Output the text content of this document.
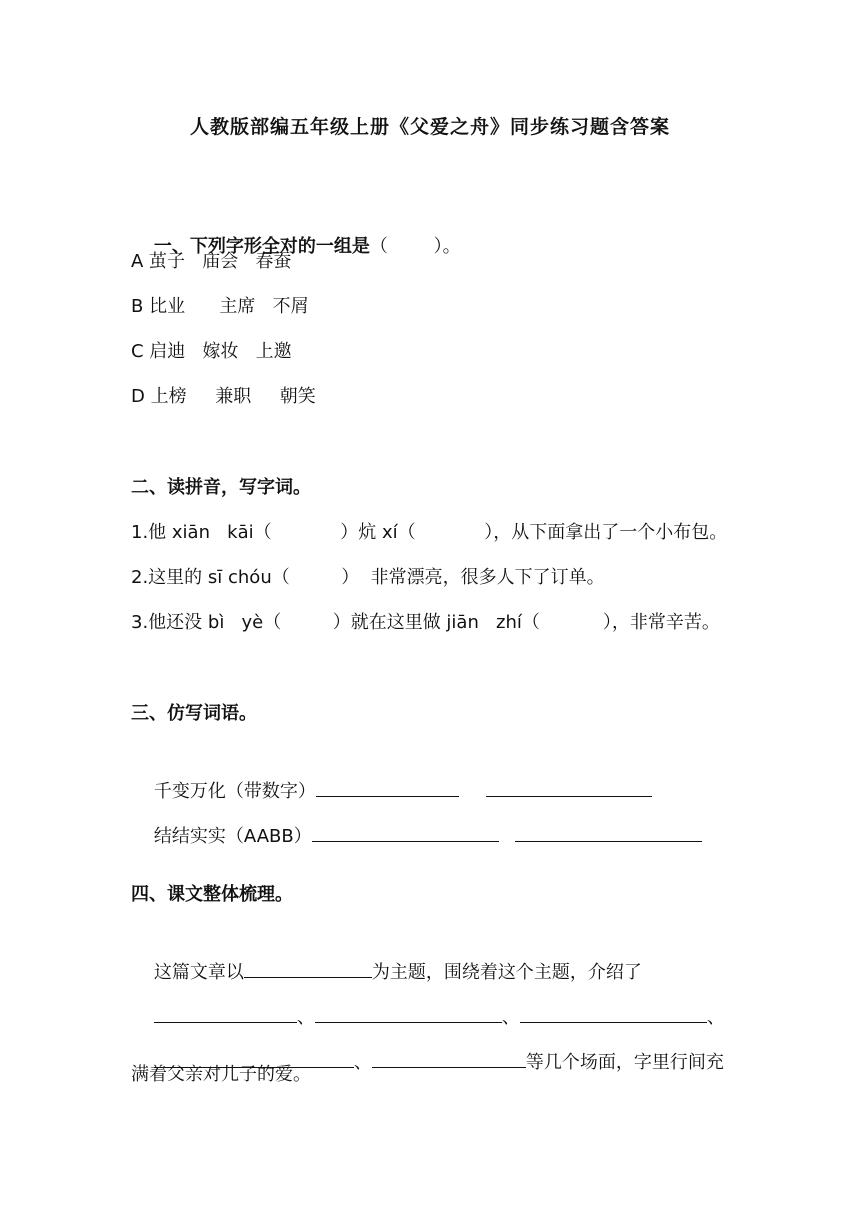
人教版部编五年级上册《父爱之舟》同步练习题含答案

一、下列字形全对的一组是（        ）。

A 茧子   庙会   春蚕
B 比业      主席   不屑
C 启迪   嫁妆   上邀
D 上榜     兼职     朝笑
二、读拼音，写字词。
1.他 xiān   kāi（            ）炕 xí（            ），从下面拿出了一个小布包。
2.这里的 sī chóu（         ）  非常漂亮，很多人下了订单。
3.他还没 bì   yè（         ）就在这里做 jiān   zhí（           ），非常辛苦。
三、仿写词语。

千变万化（带数字）

结结实实（AABB）

四、课文整体梳理。

这篇文章以	为主题，围绕着这个主题，介绍了

、	、	、

、	等几个场面，字里行间充

满着父亲对儿子的爱。
